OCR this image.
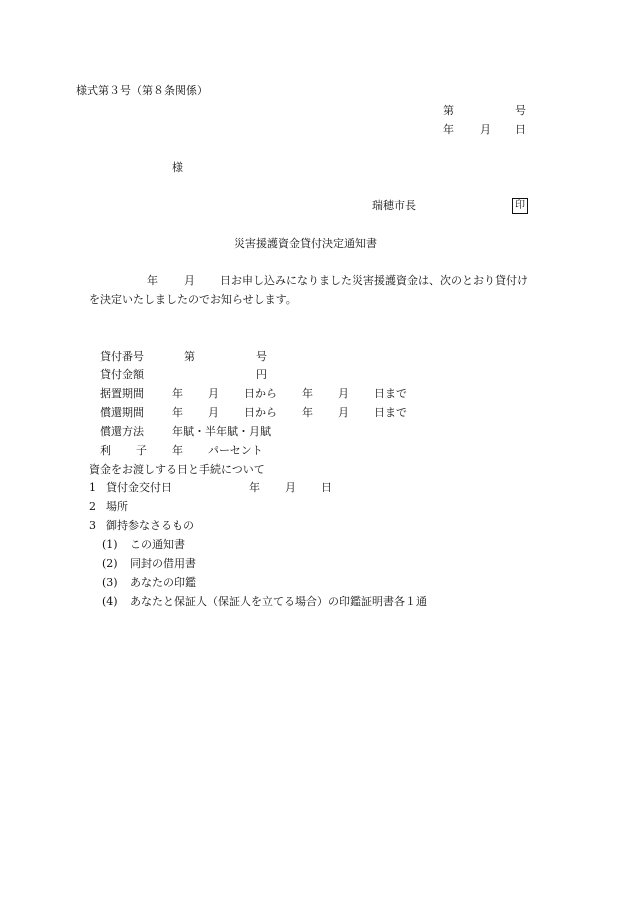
様式第３号（第８条関係）
第	号
年 月 日
様
瑞穂市長	印
災害援護資金貸付決定通知書
年 月 日お申し込みになりました災害援護資金は、次のとおり貸付け
を決定いたしましたのでお知らせします。
貸付番号	第	号
貸付金額	円
据置期間	年 月 日から 年 月 日まで
償還期間	年 月 日から 年 月 日まで
償還方法	年賦・半年賦・月賦
利 子 年 パーセント
資金をお渡しする日と手続について
1 貸付金交付日	年 月 日
2 場所
3 御持参なさるもの
(1) この通知書
(2) 同封の借用書
(3) あなたの印鑑
(4) あなたと保証人（保証人を立てる場合）の印鑑証明書各１通
